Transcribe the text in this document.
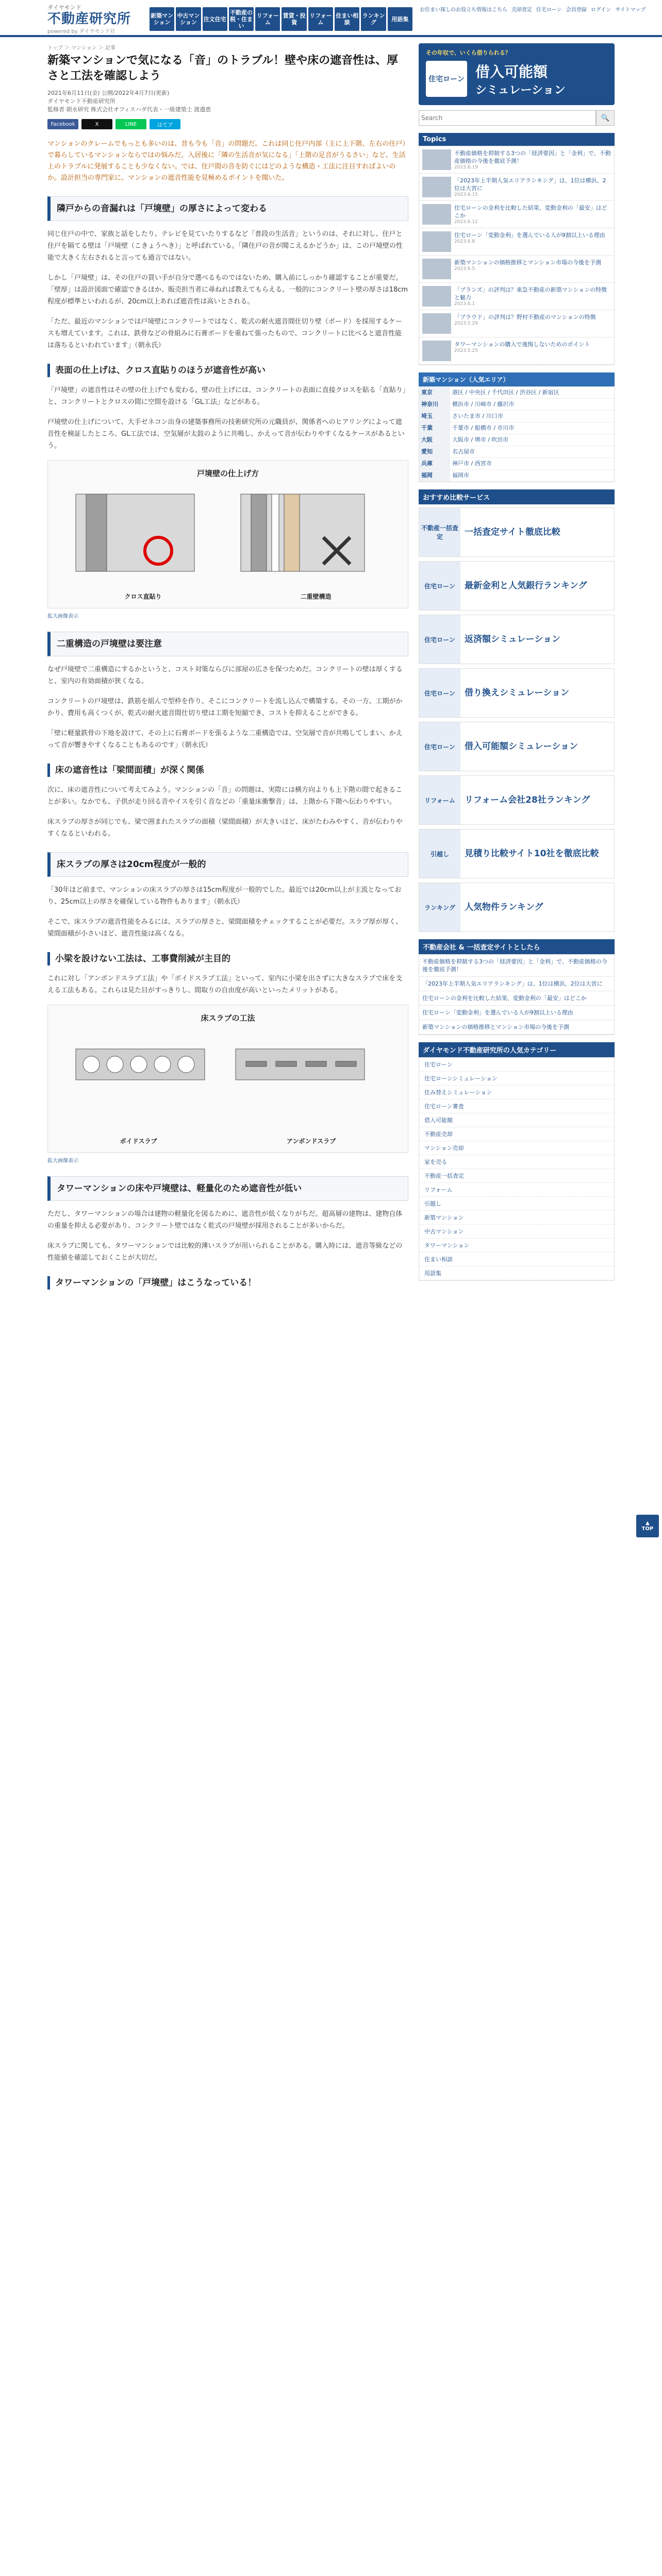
ダイヤモンド
不動産研究所
powered by ダイヤモンド社
新築マンション
中古マンション	注文住宅
不動産の税・住まい
リフォーム
賃貸・投資
リフォーム
住まい相談
ランキング	用語集
お住まい探しのお役立ち情報はこちら 売却査定 住宅ローン 会員登録 ログイン サイトマップ
トップ ＞ マンション ＞ 記事
新築マンションで気になる「音」のトラブル！壁や床の遮音性は、厚さと工法を確認しよう
2021年6月11日(金) 公開/2022年4月7日(更新)
ダイヤモンド不動産研究所
監修者 朝永研究 株式会社オフィスハダ代表・一級建築士 渡邉恵
Facebook	X	LINE	はてブ

マンションのクレームでもっとも多いのは、昔も今も「音」の問題だ。これは同じ住戸内部（主に上下階、左右の住戸）で暮らしているマンションならではの悩みだ。入居後に「隣の生活音が気になる」「上階の足音がうるさい」など、生活上のトラブルに発展することも少なくない。では、住戸間の音を防ぐにはどのような構造・工法に注目すればよいのか。設計担当の専門家に、マンションの遮音性能を見極めるポイントを聞いた。

隣戸からの音漏れは「戸境壁」の厚さによって変わる

同じ住戸の中で、家族と話をしたり、テレビを見ていたりするなど「普段の生活音」というのは、それに対し、住戸と住戸を隔てる壁は「戸境壁（こきょうへき）」と呼ばれている。「隣住戸の音が聞こえるかどうか」は、この戸境壁の性能で大きく左右されると言っても過言ではない。

しかし「戸境壁」は、その住戸の買い手が自分で選べるものではないため、購入前にしっかり確認することが重要だ。「壁厚」は設計図面で確認できるほか、販売担当者に尋ねれば教えてもらえる。一般的にコンクリート壁の厚さは18cm程度が標準といわれるが、20cm以上あれば遮音性は高いとされる。

「ただ、最近のマンションでは戸境壁にコンクリートではなく、乾式の耐火遮音間仕切り壁（ボード）を採用するケースも増えています。これは、鉄骨などの骨組みに石膏ボードを重ねて張ったもので、コンクリートに比べると遮音性能は落ちるといわれています」（朝永氏）

表面の仕上げは、クロス直貼りのほうが遮音性が高い

「戸境壁」の遮音性はその壁の仕上げでも変わる。壁の仕上げには、コンクリートの表面に直接クロスを貼る「直貼り」と、コンクリートとクロスの間に空間を設ける「GL工法」などがある。

戸境壁の仕上げについて、大手ゼネコン出身の建築事務所の技術研究所の元職員が、関係者へのヒアリングによって遮音性を検証したところ、GL工法では、空気層が太鼓のように共鳴し、かえって音が伝わりやすくなるケースがあるという。

戸境壁の仕上げ方
クロス直貼り	二重壁構造
拡大画像表示
二重構造の戸境壁は要注意

なぜ戸境壁で二重構造にするかというと、コスト対策ならびに部屋の広さを保つためだ。コンクリートの壁は厚くすると、室内の有効面積が狭くなる。

コンクリートの戸境壁は、鉄筋を組んで型枠を作り、そこにコンクリートを流し込んで構築する。その一方、工期がかかり、費用も高くつくが、乾式の耐火遮音間仕切り壁は工期を短縮でき、コストを抑えることができる。

「壁に軽量鉄骨の下地を設けて、その上に石膏ボードを張るような二重構造では、空気層で音が共鳴してしまい、かえって音が響きやすくなることもあるのです」（朝永氏）

床の遮音性は「梁間面積」が深く関係

次に、床の遮音性について考えてみよう。マンションの「音」の問題は、実際には横方向よりも上下階の間で起きることが多い。なかでも、子供が走り回る音やイスを引く音などの「重量床衝撃音」は、上階から下階へ伝わりやすい。

床スラブの厚さが同じでも、梁で囲まれたスラブの面積（梁間面積）が大きいほど、床がたわみやすく、音が伝わりやすくなるといわれる。

床スラブの厚さは20cm程度が一般的

「30年ほど前まで、マンションの床スラブの厚さは15cm程度が一般的でした。最近では20cm以上が主流となっており、25cm以上の厚さを確保している物件もあります」（朝永氏）

そこで、床スラブの遮音性能をみるには、スラブの厚さと、梁間面積をチェックすることが必要だ。スラブ厚が厚く、梁間面積が小さいほど、遮音性能は高くなる。

小梁を設けない工法は、工事費削減が主目的

これに対し「アンボンドスラブ工法」や「ボイドスラブ工法」といって、室内に小梁を出さずに大きなスラブで床を支える工法もある。これらは見た目がすっきりし、間取りの自由度が高いといったメリットがある。

床スラブの工法
ボイドスラブ	アンボンドスラブ
拡大画像表示
タワーマンションの床や戸境壁は、軽量化のため遮音性が低い

ただし、タワーマンションの場合は建物の軽量化を図るために、遮音性が低くなりがちだ。超高層の建物は、建物自体の重量を抑える必要があり、コンクリート壁ではなく乾式の戸境壁が採用されることが多いからだ。

床スラブに関しても、タワーマンションでは比較的薄いスラブが用いられることがある。購入時には、遮音等級などの性能値を確認しておくことが大切だ。

タワーマンションの「戸境壁」はこうなっている！
その年収で、いくら借りられる？
住宅ローン 借入可能額
シミュレーション
Search
🔍
Topics
不動産価格を抑制する3つの「経済要因」と「金利」で、不動産価格の今後を徹底予測！
2023.6.19
「2023年上半期人気エリアランキング」は、1位は横浜、2位は大宮に
2023.6.15
住宅ローンの金利を比較した結果、変動金利の「最安」はどこか
2023.6.12
住宅ローン「変動金利」を選んでいる人が9割以上いる理由
2023.6.8
新築マンションの価格推移とマンション市場の今後を予測
2023.6.5
「ブランズ」の評判は？東急不動産の新築マンションの特徴と魅力
2023.6.1
「プラウド」の評判は？野村不動産のマンションの特徴
2023.5.29
タワーマンションの購入で後悔しないためのポイント
2023.5.25
新築マンション（人気エリア）
東京	港区 / 中央区 / 千代田区 / 渋谷区 / 新宿区
神奈川	横浜市 / 川崎市 / 藤沢市
埼玉	さいたま市 / 川口市
千葉	千葉市 / 船橋市 / 市川市
大阪	大阪市 / 堺市 / 吹田市
愛知	名古屋市
兵庫	神戸市 / 西宮市
福岡	福岡市
おすすめ比較サービス
不動産一括査定	一括査定サイト徹底比較
住宅ローン	最新金利と人気銀行ランキング
住宅ローン	返済額シミュレーション
住宅ローン	借り換えシミュレーション
住宅ローン	借入可能額シミュレーション
リフォーム	リフォーム会社28社ランキング
引越し	見積り比較サイト10社を徹底比較
ランキング	人気物件ランキング
不動産会社 & 一括査定サイトとしたら
不動産価格を抑制する3つの「経済要因」と「金利」で、不動産価格の今後を徹底予測！
「2023年上半期人気エリアランキング」は、1位は横浜、2位は大宮に
住宅ローンの金利を比較した結果、変動金利の「最安」はどこか
住宅ローン「変動金利」を選んでいる人が9割以上いる理由
新築マンションの価格推移とマンション市場の今後を予測
ダイヤモンド不動産研究所の人気カテゴリー
住宅ローン
住宅ローンシミュレーション
住み替えシミュレーション
住宅ローン審査
借入可能額
不動産売却
マンション売却
家を売る
不動産一括査定
リフォーム
引越し
新築マンション
中古マンション
タワーマンション
住まい相談
用語集
▲
TOP
